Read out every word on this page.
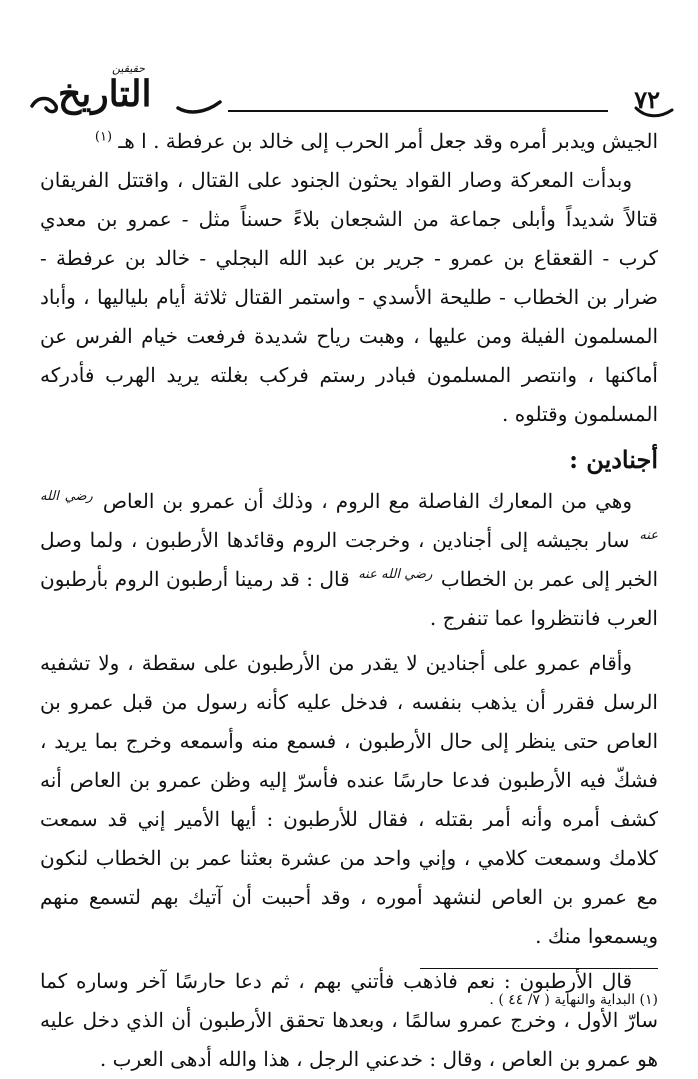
٧٢
حقيقين
التاريخ

الجيش ويدبر أمره وقد جعل أمر الحرب إلى خالد بن عرفطة . ا هـ $^{(١)}$

وبدأت المعركة وصار القواد يحثون الجنود على القتال ، واقتتل الفريقان قتالاً شديداً وأبلى جماعة من الشجعان بلاءً حسناً مثل - عمرو بن معدي كرب - القعقاع بن عمرو - جرير بن عبد الله البجلي - خالد بن عرفطة - ضرار بن الخطاب - طليحة الأسدي - واستمر القتال ثلاثة أيام بلياليها ، وأباد المسلمون الفيلة ومن عليها ، وهبت رياح شديدة فرفعت خيام الفرس عن أماكنها ، وانتصر المسلمون فبادر رستم فركب بغلته يريد الهرب فأدركه المسلمون وقتلوه .

أجنادين :

وهي من المعارك الفاصلة مع الروم ، وذلك أن عمرو بن العاص $^{رضي الله عنه}$ سار بجيشه إلى أجنادين ، وخرجت الروم وقائدها الأرطبون ، ولما وصل الخبر إلى عمر بن الخطاب $^{رضي الله عنه}$ قال : قد رمينا أرطبون الروم بأرطبون العرب فانتظروا عما تنفرج .

وأقام عمرو على أجنادين لا يقدر من الأرطبون على سقطة ، ولا تشفيه الرسل فقرر أن يذهب بنفسه ، فدخل عليه كأنه رسول من قبل عمرو بن العاص حتى ينظر إلى حال الأرطبون ، فسمع منه وأسمعه وخرج بما يريد ، فشكّ فيه الأرطبون فدعا حارسًا عنده فأسرّ إليه وظن عمرو بن العاص أنه كشف أمره وأنه أمر بقتله ، فقال للأرطبون : أيها الأمير إني قد سمعت كلامك وسمعت كلامي ، وإني واحد من عشرة بعثنا عمر بن الخطاب لنكون مع عمرو بن العاص لنشهد أموره ، وقد أحببت أن آتيك بهم لتسمع منهم ويسمعوا منك .

قال الأرطبون : نعم فاذهب فأتني بهم ، ثم دعا حارسًا آخر وساره كما سارّ الأول ، وخرج عمرو سالمًا ، وبعدها تحقق الأرطبون أن الذي دخل عليه هو عمرو بن العاص ، وقال : خدعني الرجل ، هذا والله أدهى العرب .

(١) البداية والنهاية ( ٧/ ٤٤ ) .
